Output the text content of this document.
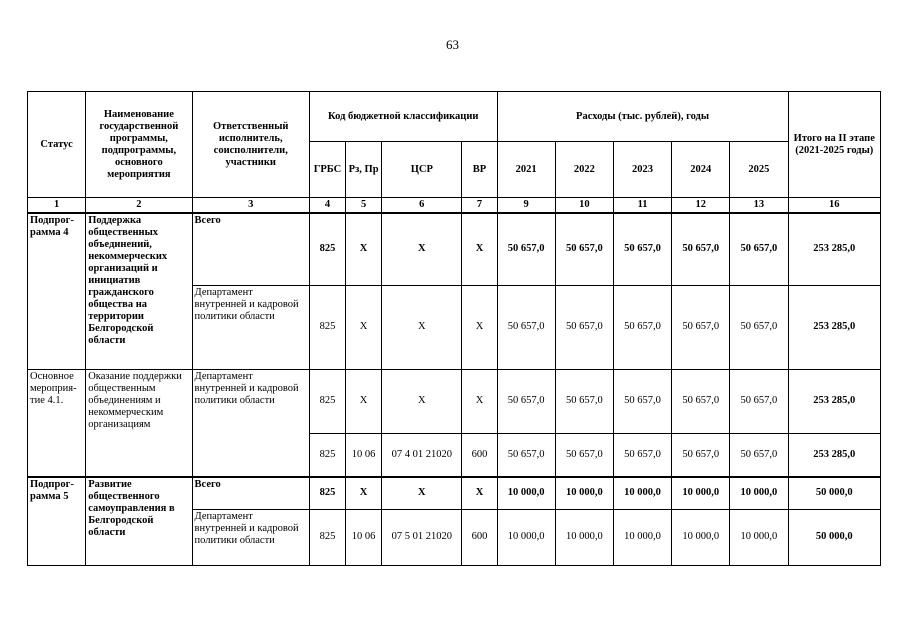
63
Статус	Наименование государственной программы, подпрограммы, основного мероприятия	Ответственный исполнитель, соисполнители, участники	Код бюджетной классификации				Расходы (тыс. рублей), годы					Итого на II этапе (2021-2025 годы)
			ГРБС	Рз, Пр	ЦСР	ВР	2021	2022	2023	2024	2025	
1	2	3	4	5	6	7	9	10	11	12	13	16
Подпрог-рамма 4	Поддержка общественных объединений, некоммерческих организаций и инициатив гражданского общества на территории Белгородской области	Всего	825	Х	Х	Х	50 657,0	50 657,0	50 657,0	50 657,0	50 657,0	253 285,0
		Департамент внутренней и кадровой политики области	825	Х	Х	Х	50 657,0	50 657,0	50 657,0	50 657,0	50 657,0	253 285,0
Основное мероприя-тие 4.1.	Оказание поддержки общественным объединениям и некоммерческим организациям	Департамент внутренней и кадровой политики области	825	Х	Х	Х	50 657,0	50 657,0	50 657,0	50 657,0	50 657,0	253 285,0
			825	10 06	07 4 01 21020	600	50 657,0	50 657,0	50 657,0	50 657,0	50 657,0	253 285,0
Подпрог-рамма 5	Развитие общественного самоуправления в Белгородской области	Всего	825	Х	Х	Х	10 000,0	10 000,0	10 000,0	10 000,0	10 000,0	50 000,0
		Департамент внутренней и кадровой политики области	825	10 06	07 5 01 21020	600	10 000,0	10 000,0	10 000,0	10 000,0	10 000,0	50 000,0
